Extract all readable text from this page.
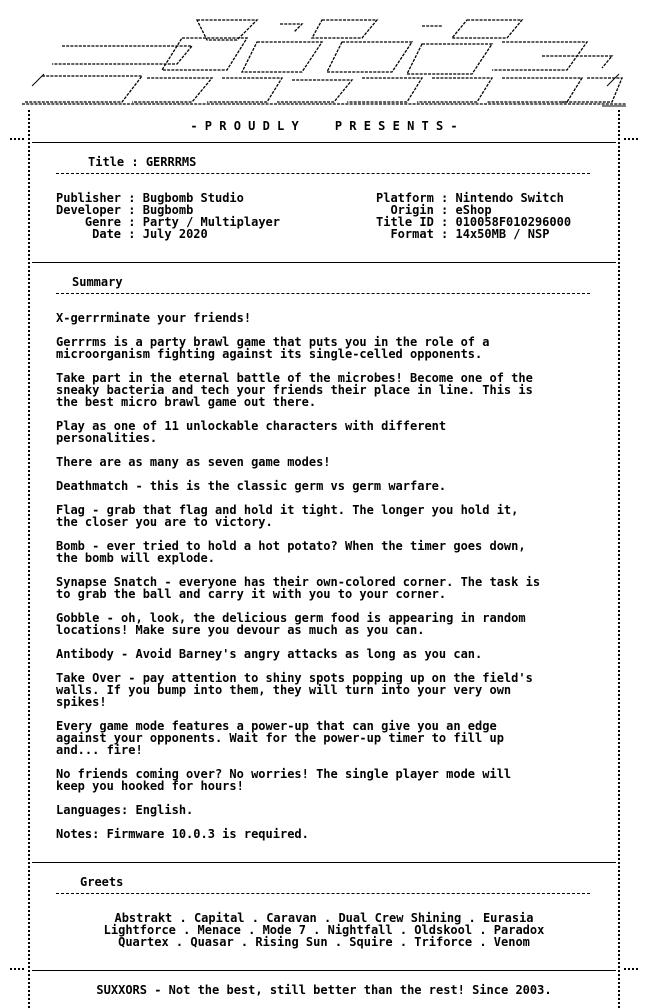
- P R O U D L Y     P R E S E N T S -
Title : GERRRMS
Publisher : Bugbomb Studio
Developer : Bugbomb
Genre : Party / Multiplayer
Date : July 2020
Platform : Nintendo Switch
Origin : eShop
Title ID : 010058F010296000
Format : 14x50MB / NSP
Summary
X-gerrrminate your friends!
Gerrrms is a party brawl game that puts you in the role of a
microorganism fighting against its single-celled opponents.
Take part in the eternal battle of the microbes! Become one of the
sneaky bacteria and tech your friends their place in line. This is
the best micro brawl game out there.
Play as one of 11 unlockable characters with different
personalities.
There are as many as seven game modes!
Deathmatch - this is the classic germ vs germ warfare.
Flag - grab that flag and hold it tight. The longer you hold it,
the closer you are to victory.
Bomb - ever tried to hold a hot potato? When the timer goes down,
the bomb will explode.
Synapse Snatch - everyone has their own-colored corner. The task is
to grab the ball and carry it with you to your corner.
Gobble - oh, look, the delicious germ food is appearing in random
locations! Make sure you devour as much as you can.
Antibody - Avoid Barney's angry attacks as long as you can.
Take Over - pay attention to shiny spots popping up on the field's
walls. If you bump into them, they will turn into your very own
spikes!
Every game mode features a power-up that can give you an edge
against your opponents. Wait for the power-up timer to fill up
and... fire!
No friends coming over? No worries! The single player mode will
keep you hooked for hours!
Languages: English.
Notes: Firmware 10.0.3 is required.
Greets
Abstrakt . Capital . Caravan . Dual Crew Shining . Eurasia
Lightforce . Menace . Mode 7 . Nightfall . Oldskool . Paradox
Quartex . Quasar . Rising Sun . Squire . Triforce . Venom
SUXXORS - Not the best, still better than the rest! Since 2003.
